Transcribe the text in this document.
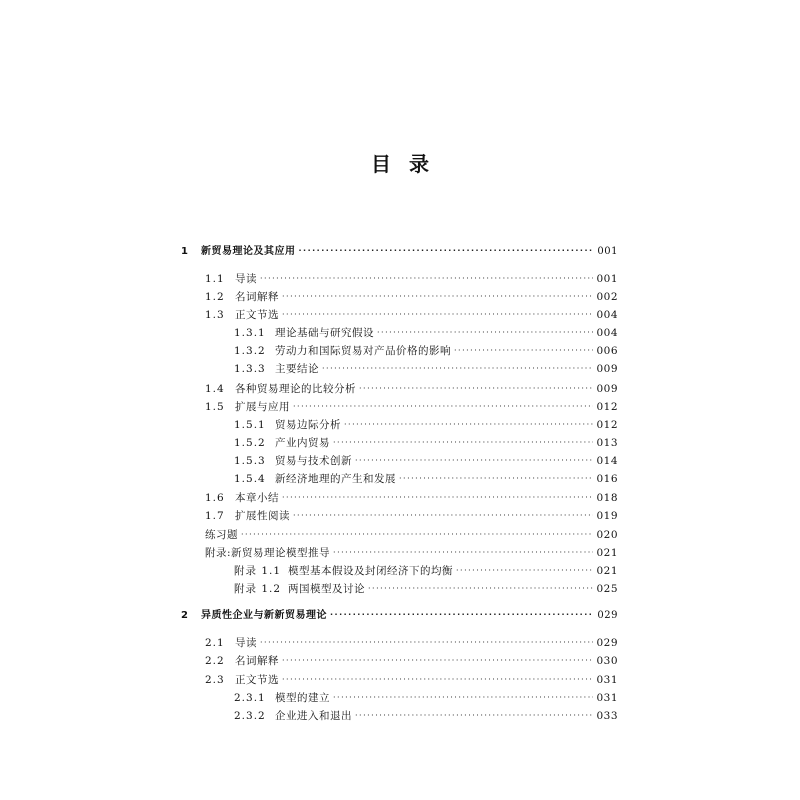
目 录
1	新贸易理论及其应用 ·····	001
1.1 导读 ·····	001
1.2 名词解释 ·····	002
1.3 正文节选 ·····	004
1.3.1 理论基础与研究假设 ·····	004
1.3.2 劳动力和国际贸易对产品价格的影响 ·····	006
1.3.3 主要结论 ·····	009
1.4 各种贸易理论的比较分析 ·····	009
1.5 扩展与应用 ·····	012
1.5.1 贸易边际分析 ·····	012
1.5.2 产业内贸易 ·····	013
1.5.3 贸易与技术创新 ·····	014
1.5.4 新经济地理的产生和发展 ·····	016
1.6 本章小结 ·····	018
1.7 扩展性阅读 ·····	019
练习题 ·····	020
附录:新贸易理论模型推导 ·····	021
附录 1.1 模型基本假设及封闭经济下的均衡 ·····	021
附录 1.2 两国模型及讨论 ·····	025
2	异质性企业与新新贸易理论 ·····	029
2.1 导读 ·····	029
2.2 名词解释 ·····	030
2.3 正文节选 ·····	031
2.3.1 模型的建立 ·····	031
2.3.2 企业进入和退出 ·····	033
